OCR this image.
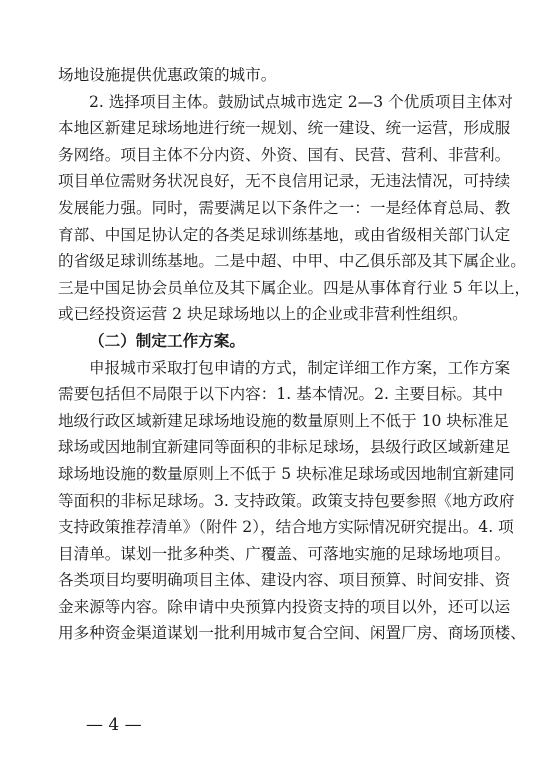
场地设施提供优惠政策的城市。
2. 选择项目主体。鼓励试点城市选定 2—3 个优质项目主体对
本地区新建足球场地进行统一规划、统一建设、统一运营，形成服
务网络。项目主体不分内资、外资、国有、民营、营利、非营利。
项目单位需财务状况良好，无不良信用记录，无违法情况，可持续
发展能力强。同时，需要满足以下条件之一：一是经体育总局、教
育部、中国足协认定的各类足球训练基地，或由省级相关部门认定
的省级足球训练基地。二是中超、中甲、中乙俱乐部及其下属企业。
三是中国足协会员单位及其下属企业。四是从事体育行业 5 年以上，
或已经投资运营 2 块足球场地以上的企业或非营利性组织。
（二）制定工作方案。
申报城市采取打包申请的方式，制定详细工作方案，工作方案
需要包括但不局限于以下内容：1. 基本情况。2. 主要目标。其中
地级行政区域新建足球场地设施的数量原则上不低于 10 块标准足
球场或因地制宜新建同等面积的非标足球场，县级行政区域新建足
球场地设施的数量原则上不低于 5 块标准足球场或因地制宜新建同
等面积的非标足球场。3. 支持政策。政策支持包要参照《地方政府
支持政策推荐清单》（附件 2），结合地方实际情况研究提出。4. 项
目清单。谋划一批多种类、广覆盖、可落地实施的足球场地项目。
各类项目均要明确项目主体、建设内容、项目预算、时间安排、资
金来源等内容。除申请中央预算内投资支持的项目以外，还可以运
用多种资金渠道谋划一批利用城市复合空间、闲置厂房、商场顶楼、
— 4 —
